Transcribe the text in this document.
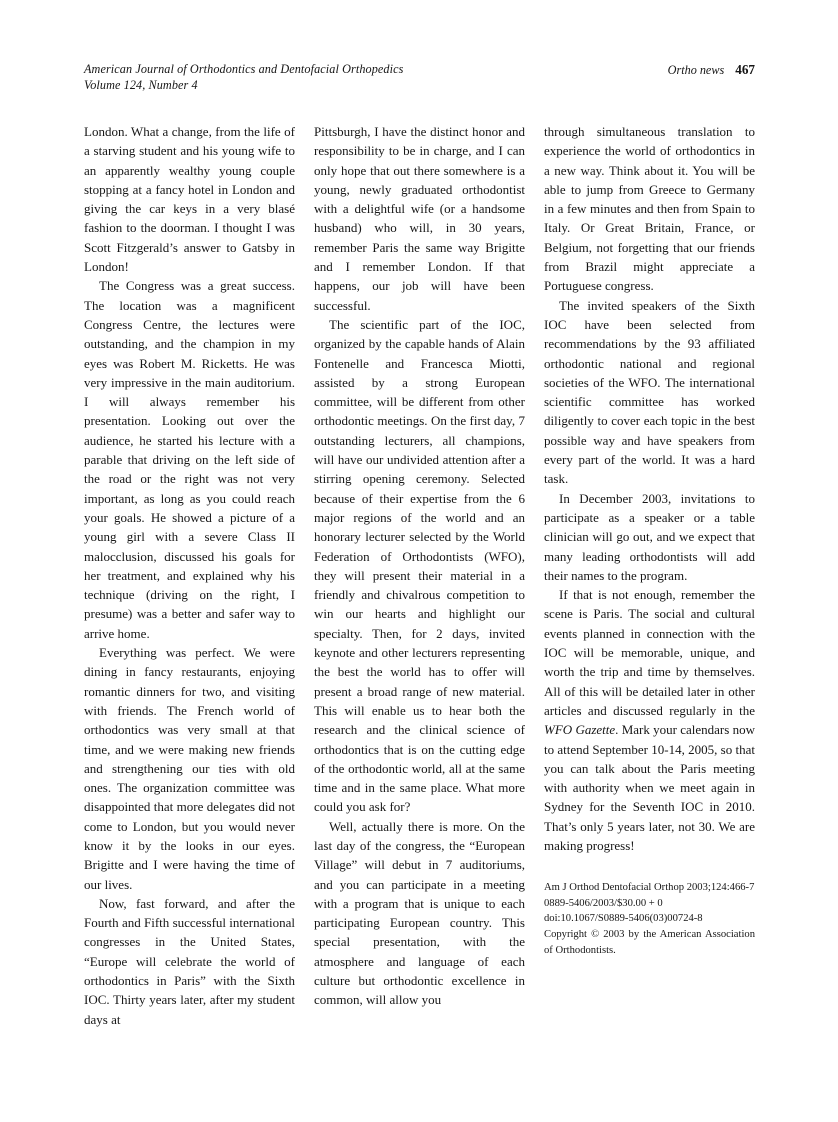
American Journal of Orthodontics and Dentofacial Orthopedics
Volume 124, Number 4
Ortho news 467

London. What a change, from the life of a starving student and his young wife to an apparently wealthy young couple stopping at a fancy hotel in London and giving the car keys in a very blasé fashion to the doorman. I thought I was Scott Fitzgerald’s answer to Gatsby in London!

The Congress was a great success. The location was a magnificent Congress Centre, the lectures were outstanding, and the champion in my eyes was Robert M. Ricketts. He was very impressive in the main auditorium. I will always remember his presentation. Looking out over the audience, he started his lecture with a parable that driving on the left side of the road or the right was not very important, as long as you could reach your goals. He showed a picture of a young girl with a severe Class II malocclusion, discussed his goals for her treatment, and explained why his technique (driving on the right, I presume) was a better and safer way to arrive home.

Everything was perfect. We were dining in fancy restaurants, enjoying romantic dinners for two, and visiting with friends. The French world of orthodontics was very small at that time, and we were making new friends and strengthening our ties with old ones. The organization committee was disappointed that more delegates did not come to London, but you would never know it by the looks in our eyes. Brigitte and I were having the time of our lives.

Now, fast forward, and after the Fourth and Fifth successful international congresses in the United States, “Europe will celebrate the world of orthodontics in Paris” with the Sixth IOC. Thirty years later, after my student days at

Pittsburgh, I have the distinct honor and responsibility to be in charge, and I can only hope that out there somewhere is a young, newly graduated orthodontist with a delightful wife (or a handsome husband) who will, in 30 years, remember Paris the same way Brigitte and I remember London. If that happens, our job will have been successful.

The scientific part of the IOC, organized by the capable hands of Alain Fontenelle and Francesca Miotti, assisted by a strong European committee, will be different from other orthodontic meetings. On the first day, 7 outstanding lecturers, all champions, will have our undivided attention after a stirring opening ceremony. Selected because of their expertise from the 6 major regions of the world and an honorary lecturer selected by the World Federation of Orthodontists (WFO), they will present their material in a friendly and chivalrous competition to win our hearts and highlight our specialty. Then, for 2 days, invited keynote and other lecturers representing the best the world has to offer will present a broad range of new material. This will enable us to hear both the research and the clinical science of orthodontics that is on the cutting edge of the orthodontic world, all at the same time and in the same place. What more could you ask for?

Well, actually there is more. On the last day of the congress, the “European Village” will debut in 7 auditoriums, and you can participate in a meeting with a program that is unique to each participating European country. This special presentation, with the atmosphere and language of each culture but orthodontic excellence in common, will allow you

through simultaneous translation to experience the world of orthodontics in a new way. Think about it. You will be able to jump from Greece to Germany in a few minutes and then from Spain to Italy. Or Great Britain, France, or Belgium, not forgetting that our friends from Brazil might appreciate a Portuguese congress.

The invited speakers of the Sixth IOC have been selected from recommendations by the 93 affiliated orthodontic national and regional societies of the WFO. The international scientific committee has worked diligently to cover each topic in the best possible way and have speakers from every part of the world. It was a hard task.

In December 2003, invitations to participate as a speaker or a table clinician will go out, and we expect that many leading orthodontists will add their names to the program.

If that is not enough, remember the scene is Paris. The social and cultural events planned in connection with the IOC will be memorable, unique, and worth the trip and time by themselves. All of this will be detailed later in other articles and discussed regularly in the WFO Gazette. Mark your calendars now to attend September 10-14, 2005, so that you can talk about the Paris meeting with authority when we meet again in Sydney for the Seventh IOC in 2010. That’s only 5 years later, not 30. We are making progress!

Am J Orthod Dentofacial Orthop 2003;124:466-7
0889-5406/2003/$30.00 + 0
doi:10.1067/S0889-5406(03)00724-8
Copyright © 2003 by the American Association of Orthodontists.
